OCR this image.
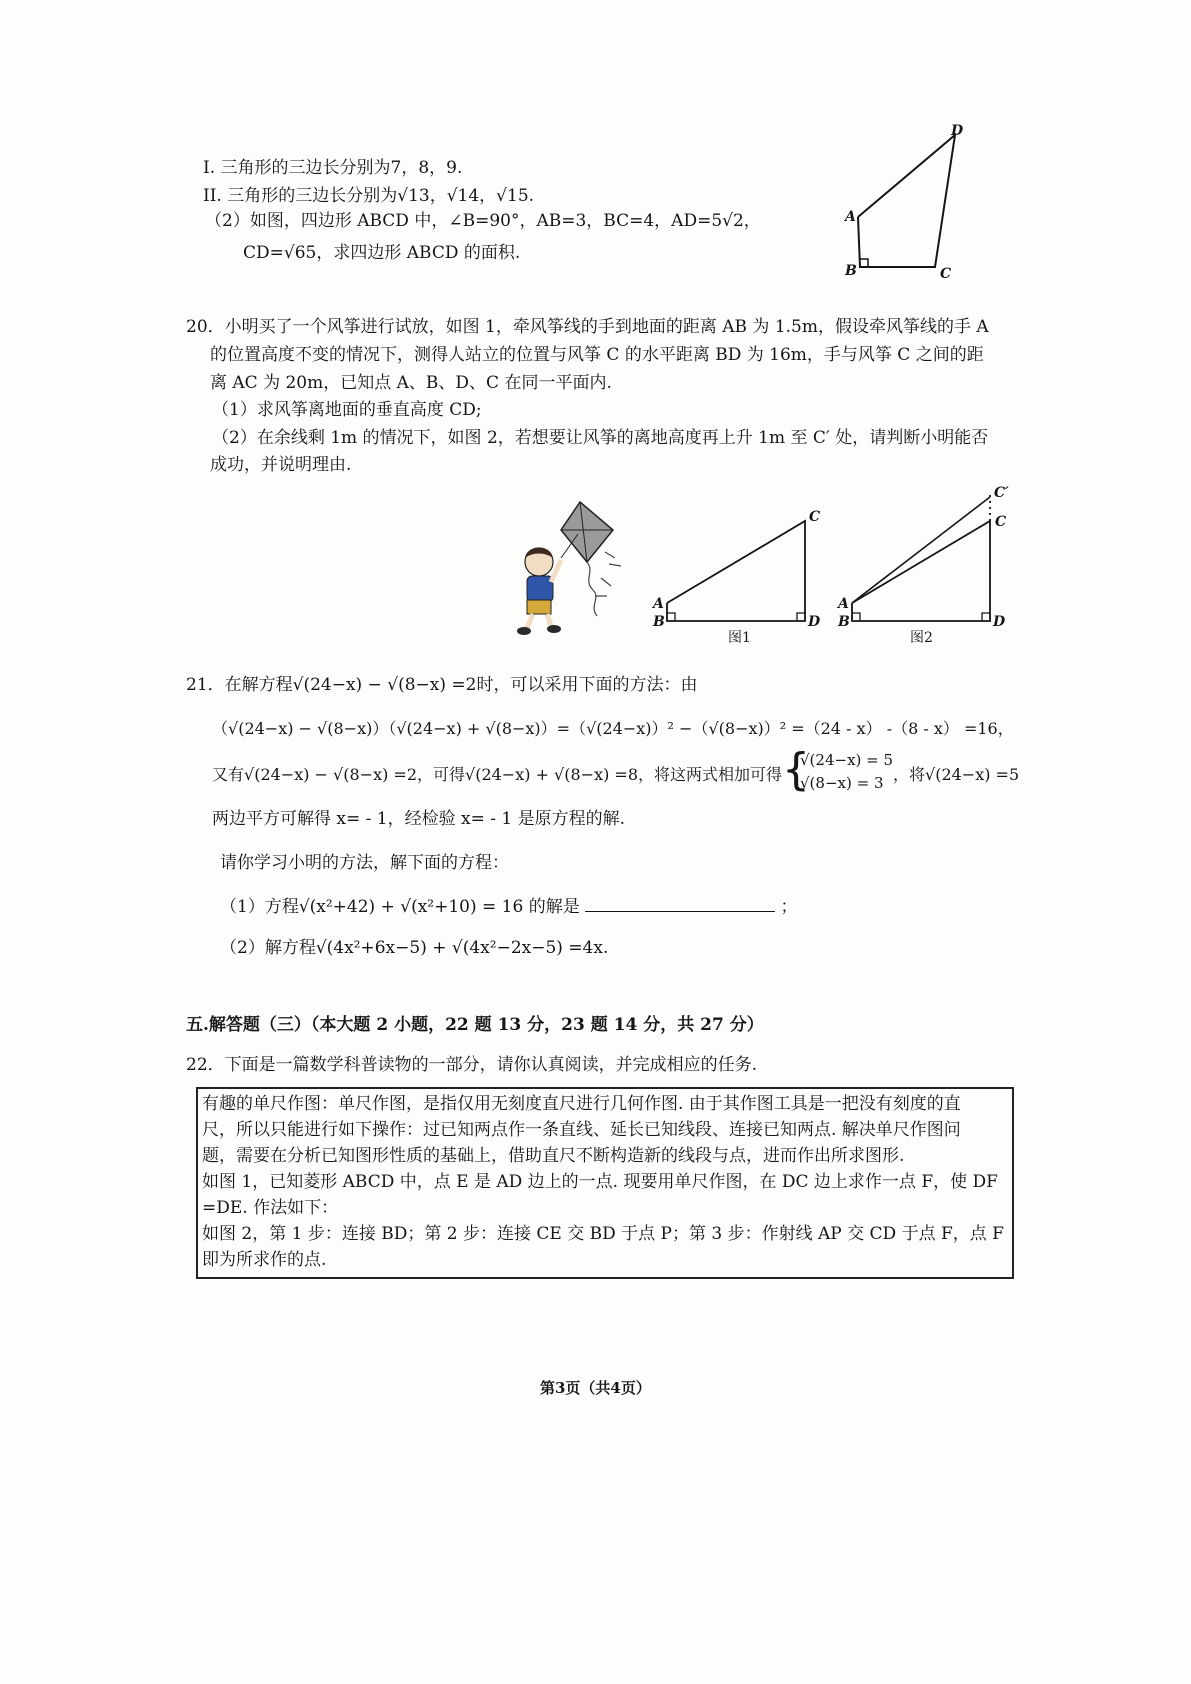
I. 三角形的三边长分别为7，8，9.
II. 三角形的三边长分别为√13，√14，√15.
（2）如图，四边形 ABCD 中，∠B=90°，AB=3，BC=4，AD=5√2，
CD=√65，求四边形 ABCD 的面积.
A
B	C
D
20．小明买了一个风筝进行试放，如图 1，牵风筝线的手到地面的距离 AB 为 1.5m，假设牵风筝线的手 A
的位置高度不变的情况下，测得人站立的位置与风筝 C 的水平距离 BD 为 16m，手与风筝 C 之间的距
离 AC 为 20m，已知点 A、B、D、C 在同一平面内.
（1）求风筝离地面的垂直高度 CD;
（2）在余线剩 1m 的情况下，如图 2，若想要让风筝的离地高度再上升 1m 至 C′ 处，请判断小明能否
成功，并说明理由.
A
B
C
D
图1
A
B
C
C′
D
图2
21．在解方程√(24−x) − √(8−x) =2时，可以采用下面的方法：由
（√(24−x) − √(8−x)）（√(24−x) + √(8−x)）=（√(24−x)）² −（√(8−x)）² =（24 - x） -（8 - x） =16，
又有√(24−x) − √(8−x) =2，可得√(24−x) + √(8−x) =8，将这两式相加可得 {
√(24−x) = 5
√(8−x) = 3 ，将√(24−x) =5
两边平方可解得 x= - 1，经检验 x= - 1 是原方程的解.
请你学习小明的方法，解下面的方程：
（1）方程√(x²+42) + √(x²+10) = 16 的解是	；
（2）解方程√(4x²+6x−5) + √(4x²−2x−5) =4x.
五.解答题（三）（本大题 2 小题，22 题 13 分，23 题 14 分，共 27 分）
22．下面是一篇数学科普读物的一部分，请你认真阅读，并完成相应的任务.
有趣的单尺作图：单尺作图，是指仅用无刻度直尺进行几何作图. 由于其作图工具是一把没有刻度的直
尺，所以只能进行如下操作：过已知两点作一条直线、延长已知线段、连接已知两点. 解决单尺作图问
题，需要在分析已知图形性质的基础上，借助直尺不断构造新的线段与点，进而作出所求图形.
如图 1，已知菱形 ABCD 中，点 E 是 AD 边上的一点. 现要用单尺作图，在 DC 边上求作一点 F，使 DF
=DE. 作法如下：
如图 2，第 1 步：连接 BD；第 2 步：连接 CE 交 BD 于点 P；第 3 步：作射线 AP 交 CD 于点 F，点 F
即为所求作的点.
第3页（共4页）
